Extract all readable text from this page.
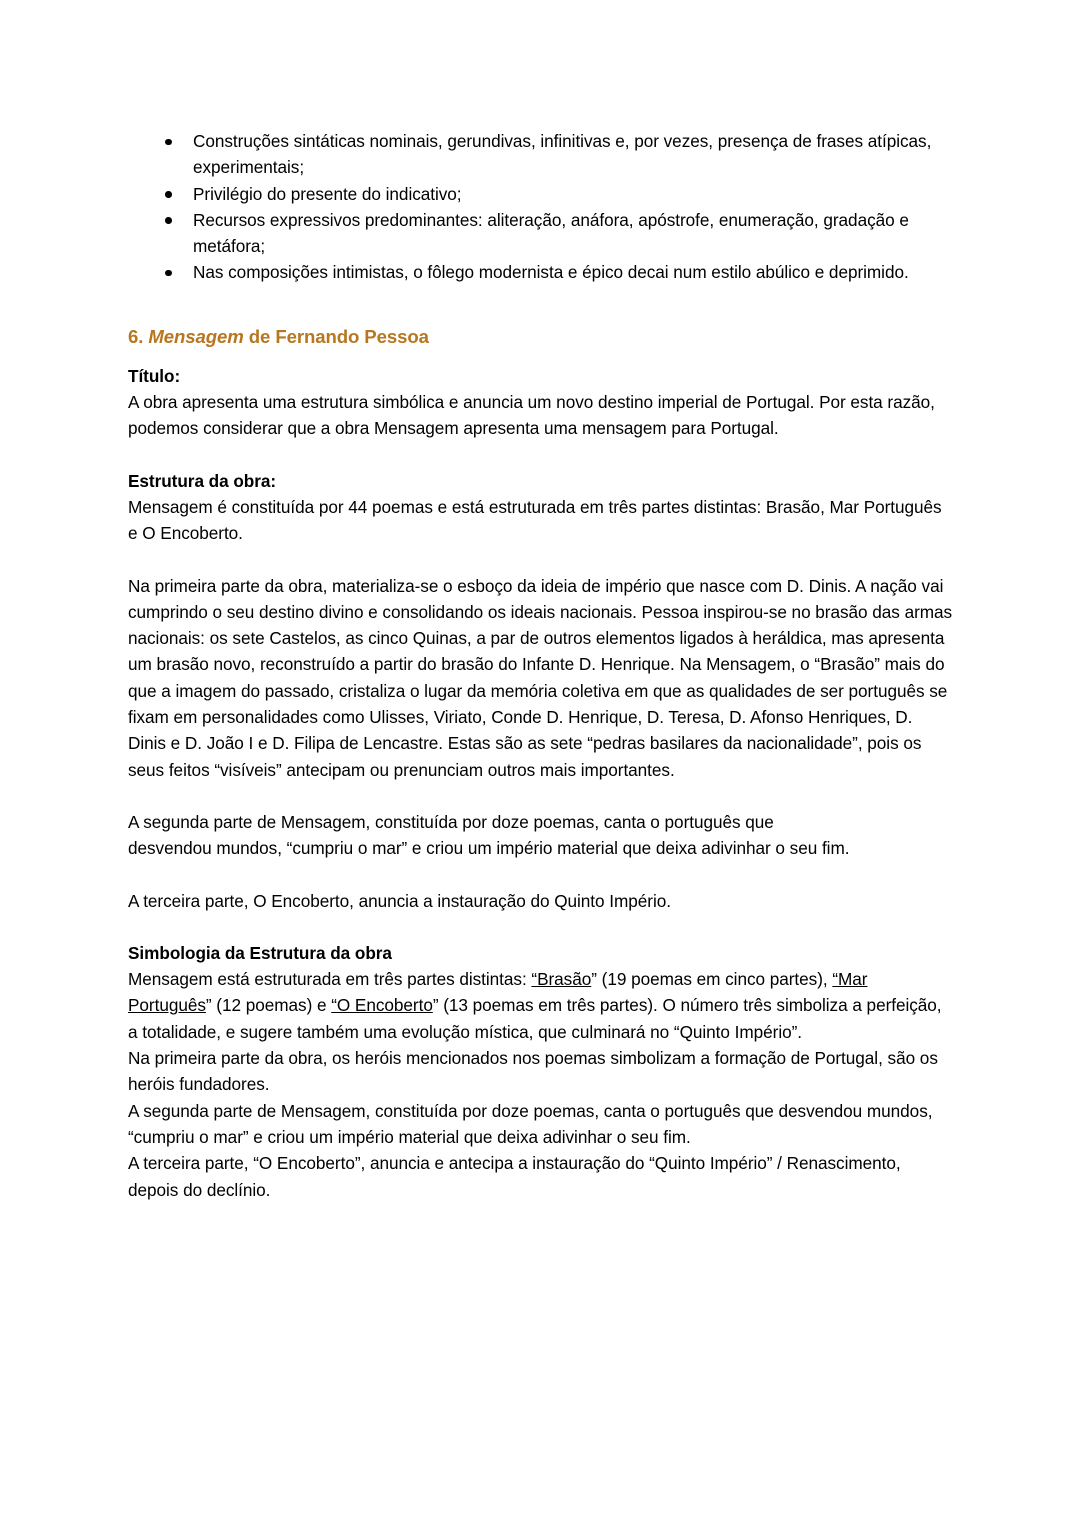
Construções sintáticas nominais, gerundivas, infinitivas e, por vezes, presença de frases atípicas, experimentais;
Privilégio do presente do indicativo;
Recursos expressivos predominantes: aliteração, anáfora, apóstrofe, enumeração, gradação e metáfora;
Nas composições intimistas, o fôlego modernista e épico decai num estilo abúlico e deprimido.
6. Mensagem de Fernando Pessoa
Título:

A obra apresenta uma estrutura simbólica e anuncia um novo destino imperial de Portugal. Por esta razão, podemos considerar que a obra Mensagem apresenta uma mensagem para Portugal.

Estrutura da obra:

Mensagem é constituída por 44 poemas e está estruturada em três partes distintas: Brasão, Mar Português e O Encoberto.

Na primeira parte da obra, materializa-se o esboço da ideia de império que nasce com D. Dinis. A nação vai cumprindo o seu destino divino e consolidando os ideais nacionais. Pessoa inspirou-se no brasão das armas nacionais: os sete Castelos, as cinco Quinas, a par de outros elementos ligados à heráldica, mas apresenta um brasão novo, reconstruído a partir do brasão do Infante D. Henrique. Na Mensagem, o “Brasão” mais do que a imagem do passado, cristaliza o lugar da memória coletiva em que as qualidades de ser português se fixam em personalidades como Ulisses, Viriato, Conde D. Henrique, D. Teresa, D. Afonso Henriques, D. Dinis e D. João I e D. Filipa de Lencastre. Estas são as sete “pedras basilares da nacionalidade”, pois os seus feitos “visíveis” antecipam ou prenunciam outros mais importantes.

A segunda parte de Mensagem, constituída por doze poemas, canta o português que desvendou mundos, “cumpriu o mar” e criou um império material que deixa adivinhar o seu fim.

A terceira parte, O Encoberto, anuncia a instauração do Quinto Império.

Simbologia da Estrutura da obra

Mensagem está estruturada em três partes distintas: “Brasão” (19 poemas em cinco partes), “Mar Português” (12 poemas) e “O Encoberto” (13 poemas em três partes). O número três simboliza a perfeição, a totalidade, e sugere também uma evolução mística, que culminará no “Quinto Império”.

Na primeira parte da obra, os heróis mencionados nos poemas simbolizam a formação de Portugal, são os heróis fundadores.

A segunda parte de Mensagem, constituída por doze poemas, canta o português que desvendou mundos, “cumpriu o mar” e criou um império material que deixa adivinhar o seu fim.

A terceira parte, “O Encoberto”, anuncia e antecipa a instauração do “Quinto Império” / Renascimento, depois do declínio.
